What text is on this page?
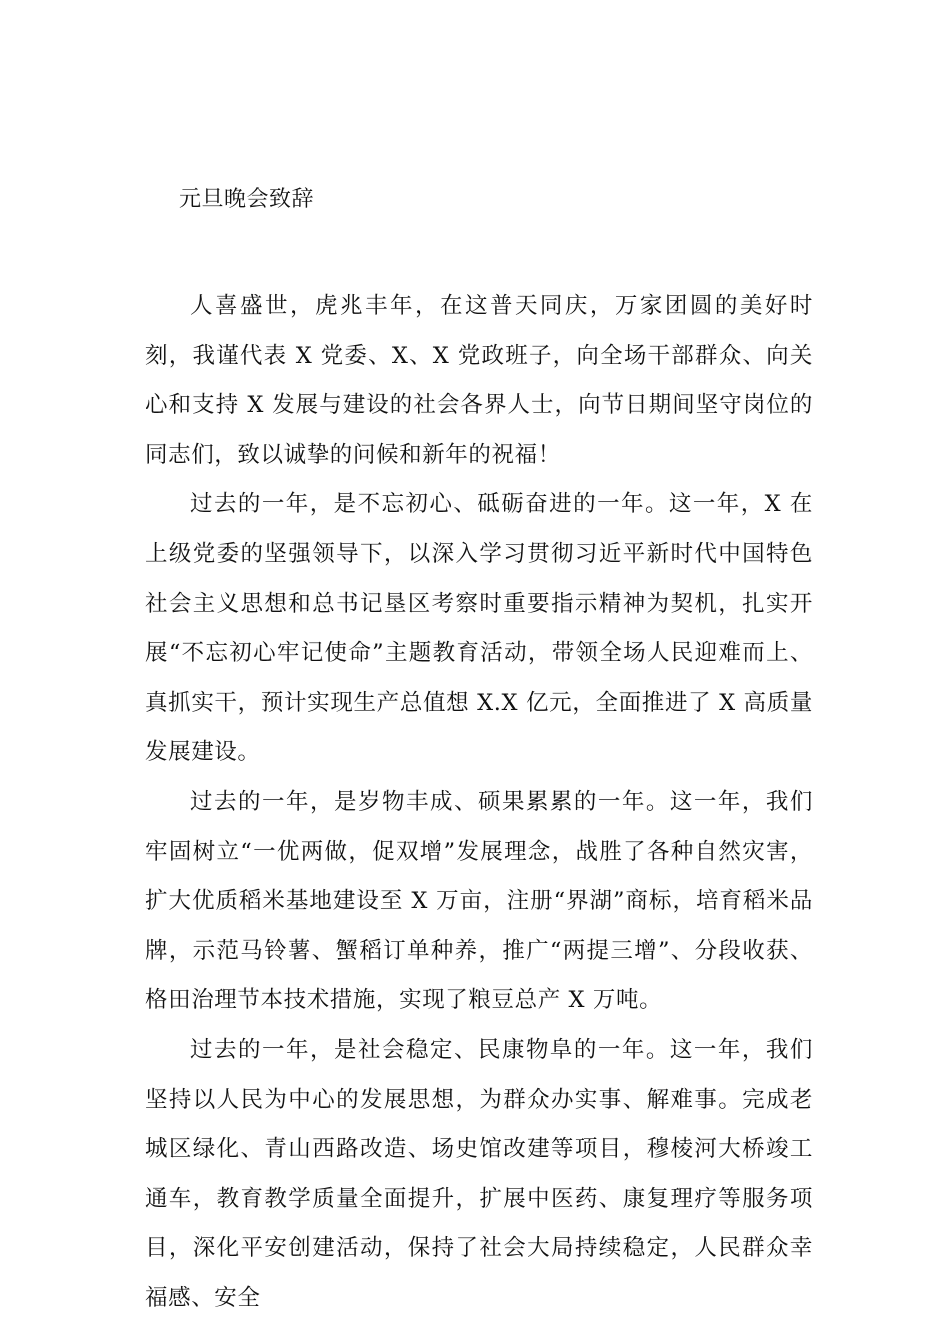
元旦晚会致辞

人喜盛世，虎兆丰年，在这普天同庆，万家团圆的美好时刻，我谨代表 X 党委、X、X 党政班子，向全场干部群众、向关心和支持 X 发展与建设的社会各界人士，向节日期间坚守岗位的同志们，致以诚挚的问候和新年的祝福！

过去的一年，是不忘初心、砥砺奋进的一年。这一年，X 在上级党委的坚强领导下，以深入学习贯彻习近平新时代中国特色社会主义思想和总书记垦区考察时重要指示精神为契机，扎实开展“不忘初心牢记使命”主题教育活动，带领全场人民迎难而上、真抓实干，预计实现生产总值想 X.X 亿元，全面推进了 X 高质量发展建设。

过去的一年，是岁物丰成、硕果累累的一年。这一年，我们牢固树立“一优两做，促双增”发展理念，战胜了各种自然灾害，扩大优质稻米基地建设至 X 万亩，注册“界湖”商标，培育稻米品牌，示范马铃薯、蟹稻订单种养，推广“两提三增”、分段收获、格田治理节本技术措施，实现了粮豆总产 X 万吨。

过去的一年，是社会稳定、民康物阜的一年。这一年，我们坚持以人民为中心的发展思想，为群众办实事、解难事。完成老城区绿化、青山西路改造、场史馆改建等项目，穆棱河大桥竣工通车，教育教学质量全面提升，扩展中医药、康复理疗等服务项目，深化平安创建活动，保持了社会大局持续稳定，人民群众幸福感、安全
